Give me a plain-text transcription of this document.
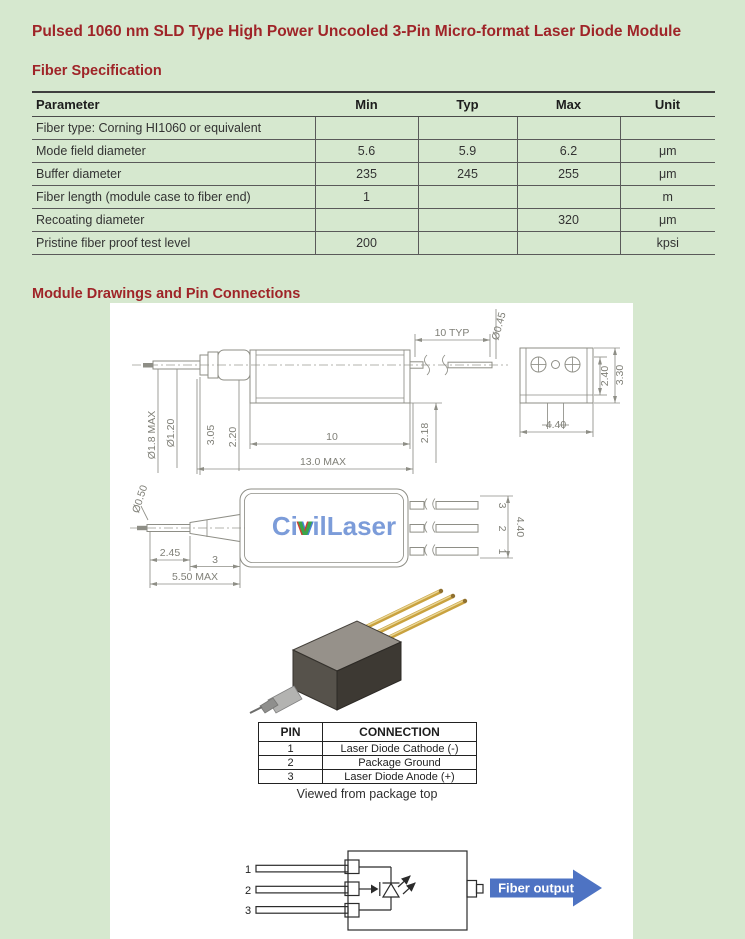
Pulsed 1060 nm SLD Type High Power Uncooled 3-Pin Micro-format Laser Diode Module
Fiber Specification
Parameter	Min	Typ	Max	Unit
Fiber type: Corning HI1060 or equivalent				
Mode field diameter	5.6	5.9	6.2	μm
Buffer diameter	235	245	255	μm
Fiber length (module case to fiber end)	1			m
Recoating diameter			320	μm
Pristine fiber proof test level	200			kpsi
Module Drawings and Pin Connections
10 TYP Ø0.45
Ø1.8 MAX Ø1.20	3.05 2.20	2.18
10
13.0 MAX
4.40
2.40 3.30
3
2
1
4.40
Ø0.50
2.45
3
5.50 MAX
1
2
3
Fiber output
CivilLaser
PIN	CONNECTION
1	Laser Diode Cathode (-)
2	Package Ground
3	Laser Diode Anode (+)
Viewed from package top
